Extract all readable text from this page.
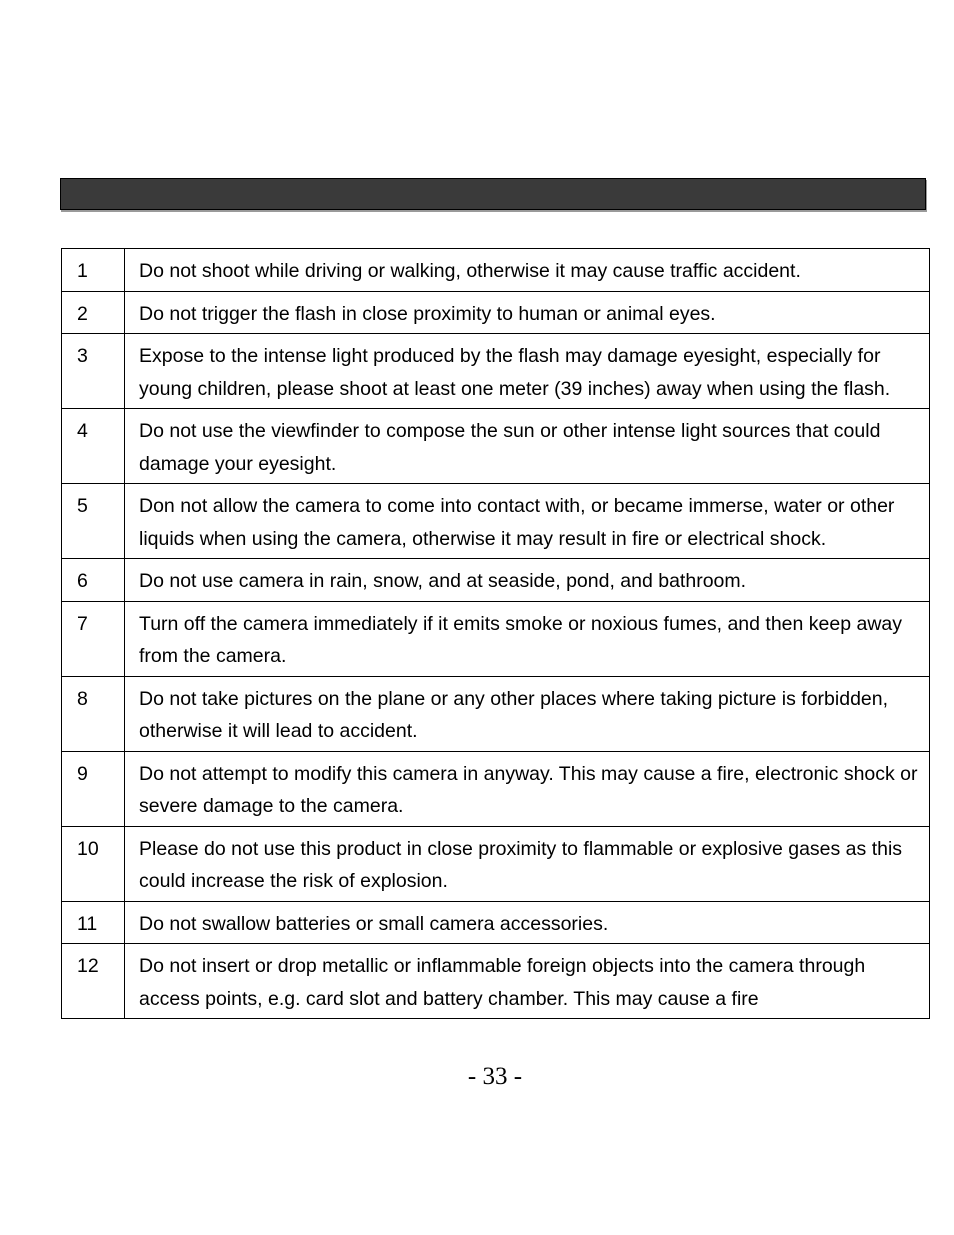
1	Do not shoot while driving or walking, otherwise it may cause traffic accident.
2	Do not trigger the flash in close proximity to human or animal eyes.
3	Expose to the intense light produced by the flash may damage eyesight, especially for young children, please shoot at least one meter (39 inches) away when using the flash.
4	Do not use the viewfinder to compose the sun or other intense light sources that could damage your eyesight.
5	Don not allow the camera to come into contact with, or became immerse, water or other liquids when using the camera, otherwise it may result in fire or electrical shock.
6	Do not use camera in rain, snow, and at seaside, pond, and bathroom.
7	Turn off the camera immediately if it emits smoke or noxious fumes, and then keep away from the camera.
8	Do not take pictures on the plane or any other places where taking picture is forbidden, otherwise it will lead to accident.
9	Do not attempt to modify this camera in anyway. This may cause a fire, electronic shock or severe damage to the camera.
10	Please do not use this product in close proximity to flammable or explosive gases as this could increase the risk of explosion.
11	Do not swallow batteries or small camera accessories.
12	Do not insert or drop metallic or inflammable foreign objects into the camera through access points, e.g. card slot and battery chamber. This may cause a fire
- 33 -
